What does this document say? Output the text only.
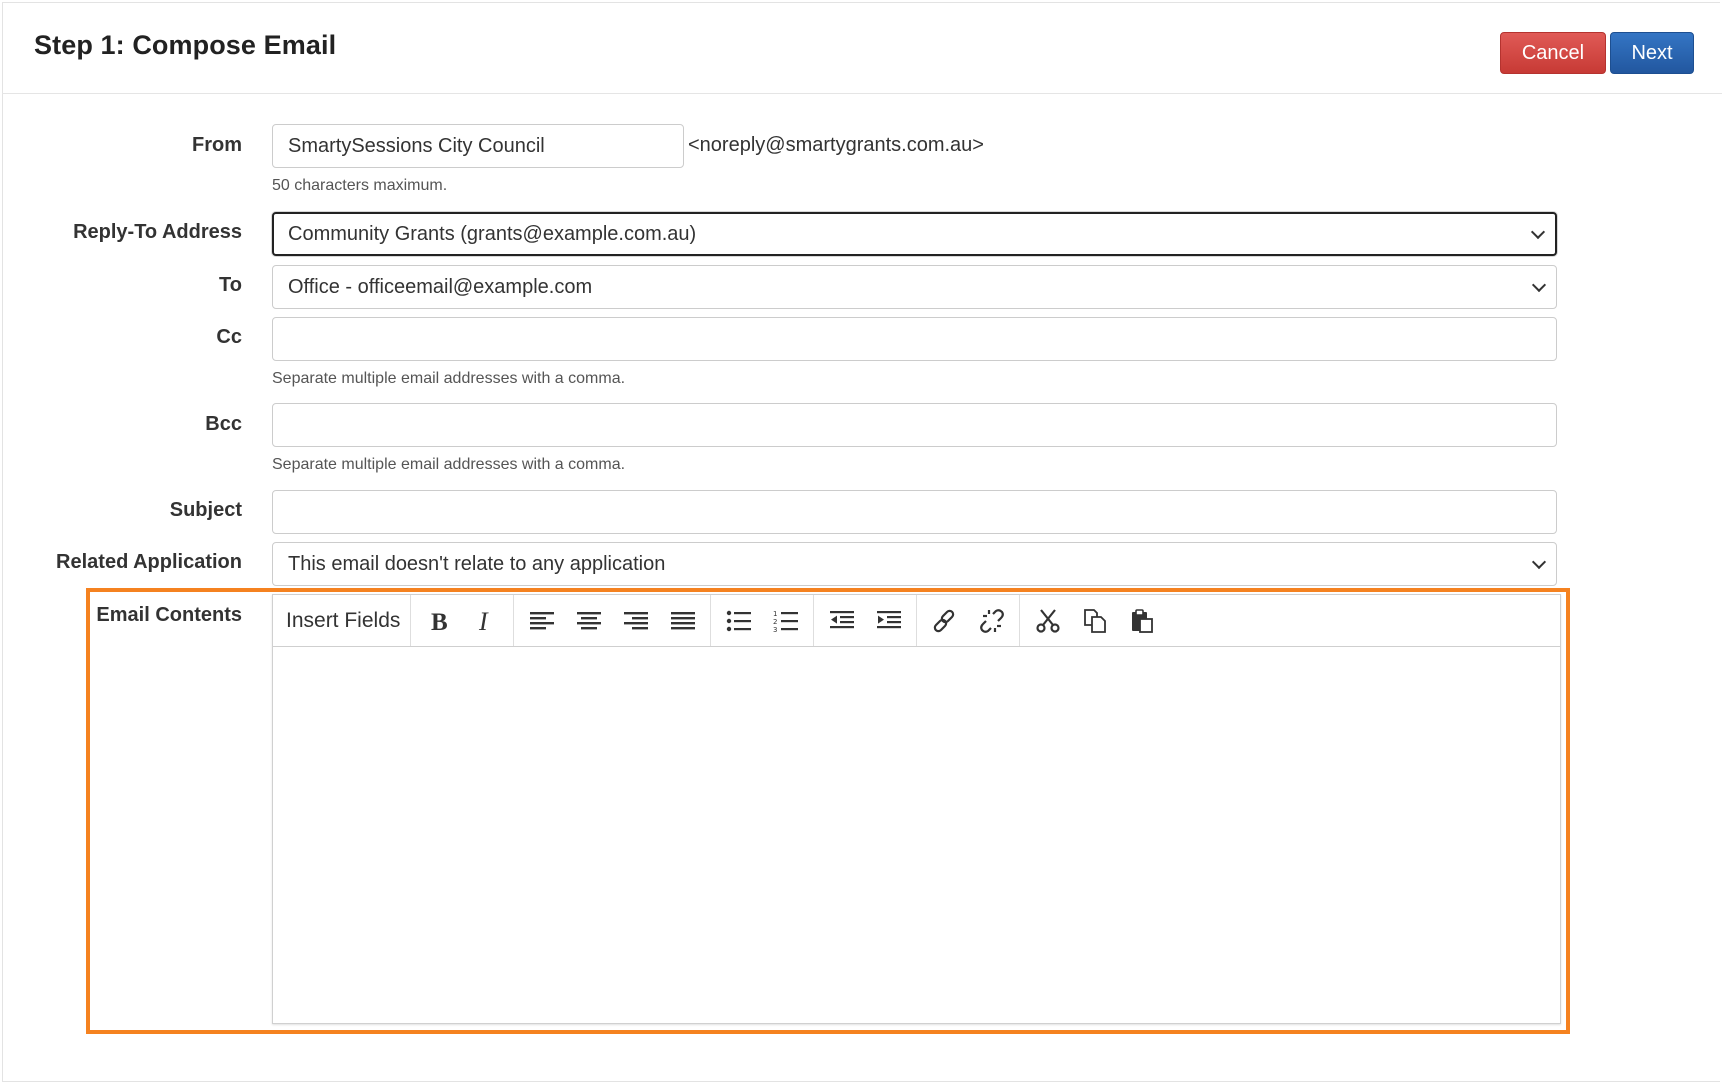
Step 1: Compose Email	Cancel	Next
From SmartySessions City Council	<noreply@smartygrants.com.au>
50 characters maximum.
Reply-To Address Community Grants (grants@example.com.au)
To Office - officeemail@example.com
Cc
Separate multiple email addresses with a comma.
Bcc
Separate multiple email addresses with a comma.
Subject
Related Application This email doesn't relate to any application
Email Contents Insert Fields B I	1
2
3
